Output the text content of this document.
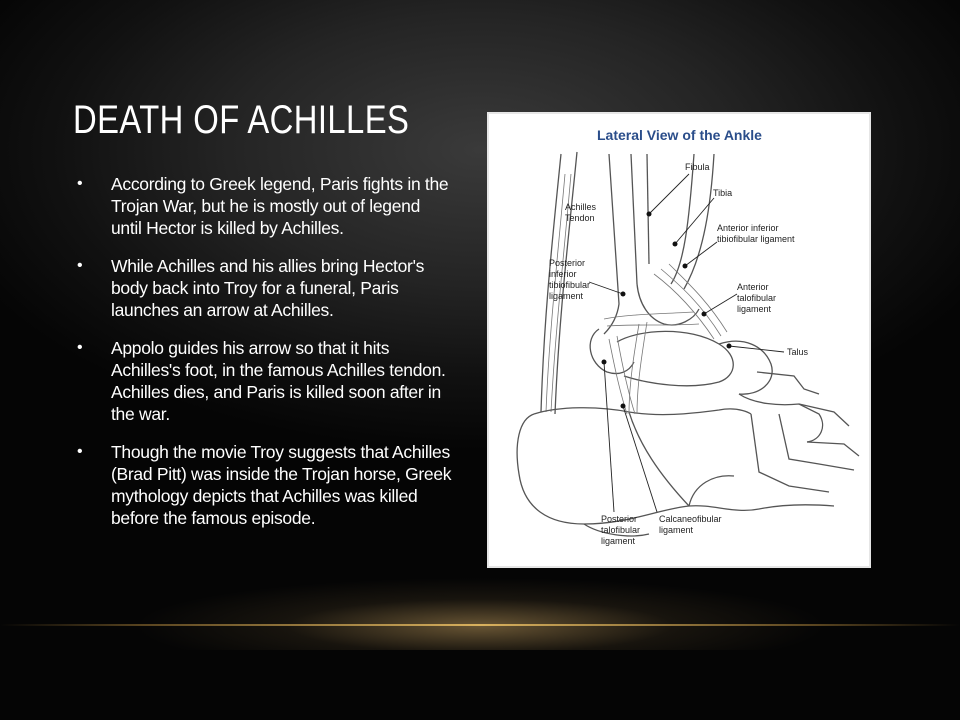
DEATH OF ACHILLES
• According to Greek legend, Paris fights in the Trojan War, but he is mostly out of legend until Hector is killed by Achilles.
• While Achilles and his allies bring Hector's body back into Troy for a funeral, Paris launches an arrow at Achilles.
• Appolo guides his arrow so that it hits Achilles's foot, in the famous Achilles tendon. Achilles dies, and Paris is killed soon after in the war.
• Though the movie Troy suggests that Achilles (Brad Pitt) was inside the Trojan horse, Greek mythology depicts that Achilles was killed before the famous episode.
Lateral View of the Ankle
Fibula
Tibia
Achilles
Tendon
Anterior inferior
tibiofibular ligament
Posterior
inferior
tibiofibular
ligament
Anterior
talofibular
ligament
Talus
Posterior
talofibular
ligament
Calcaneofibular
ligament
